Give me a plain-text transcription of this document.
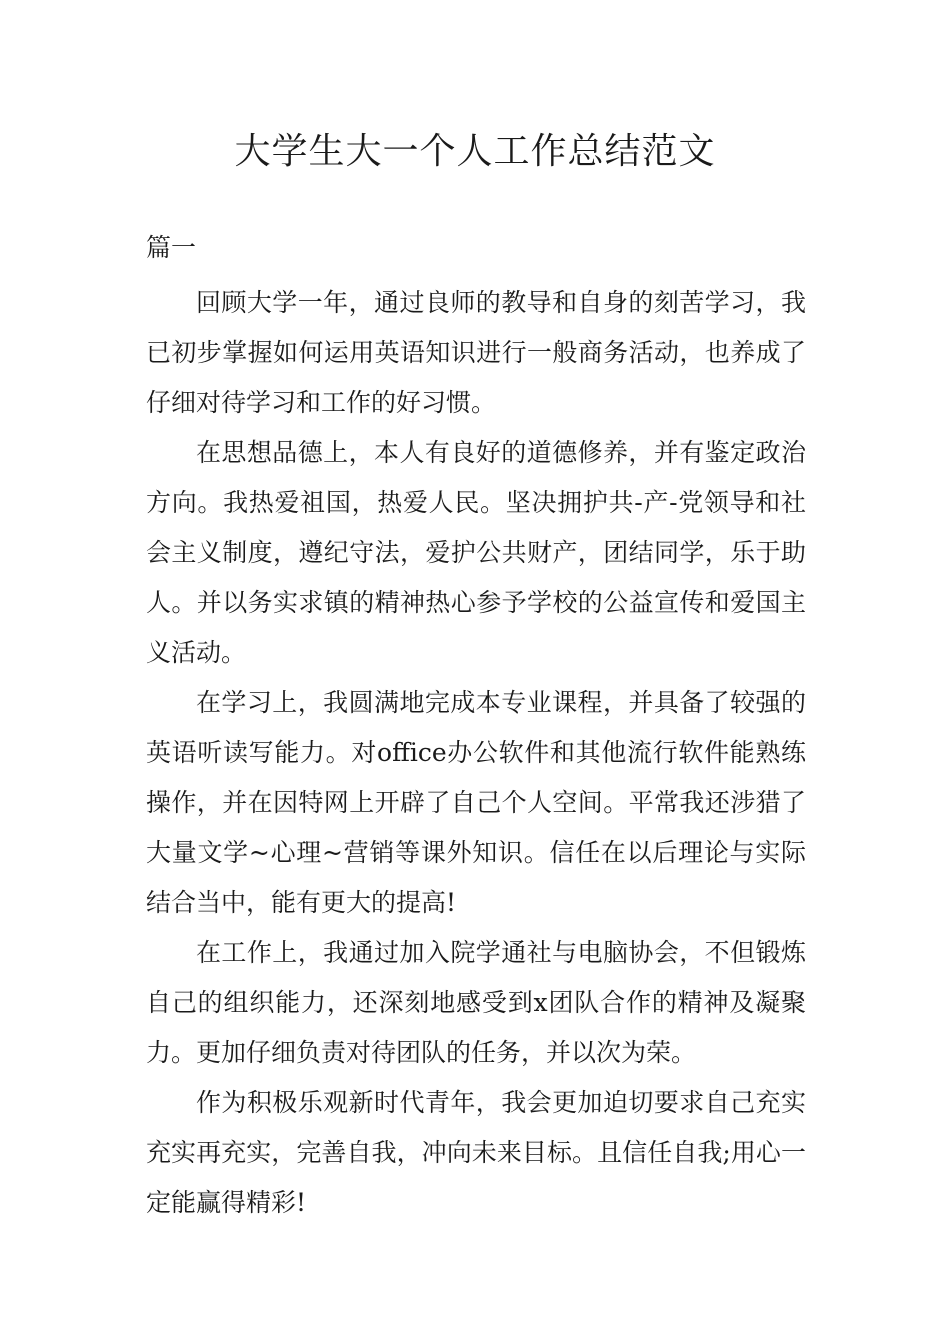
大学生大一个人工作总结范文

篇一

回顾大学一年，通过良师的教导和自身的刻苦学习，我已初步掌握如何运用英语知识进行一般商务活动，也养成了仔细对待学习和工作的好习惯。

在思想品德上，本人有良好的道德修养，并有鉴定政治方向。我热爱祖国，热爱人民。坚决拥护共-产-党领导和社会主义制度，遵纪守法，爱护公共财产，团结同学，乐于助人。并以务实求镇的精神热心参予学校的公益宣传和爱国主义活动。

在学习上，我圆满地完成本专业课程，并具备了较强的英语听读写能力。对office办公软件和其他流行软件能熟练操作，并在因特网上开辟了自己个人空间。平常我还涉猎了大量文学~心理~营销等课外知识。信任在以后理论与实际结合当中，能有更大的提高!

在工作上，我通过加入院学通社与电脑协会，不但锻炼自己的组织能力，还深刻地感受到x团队合作的精神及凝聚力。更加仔细负责对待团队的任务，并以次为荣。

作为积极乐观新时代青年，我会更加迫切要求自己充实充实再充实，完善自我，冲向未来目标。且信任自我;用心一定能赢得精彩!
